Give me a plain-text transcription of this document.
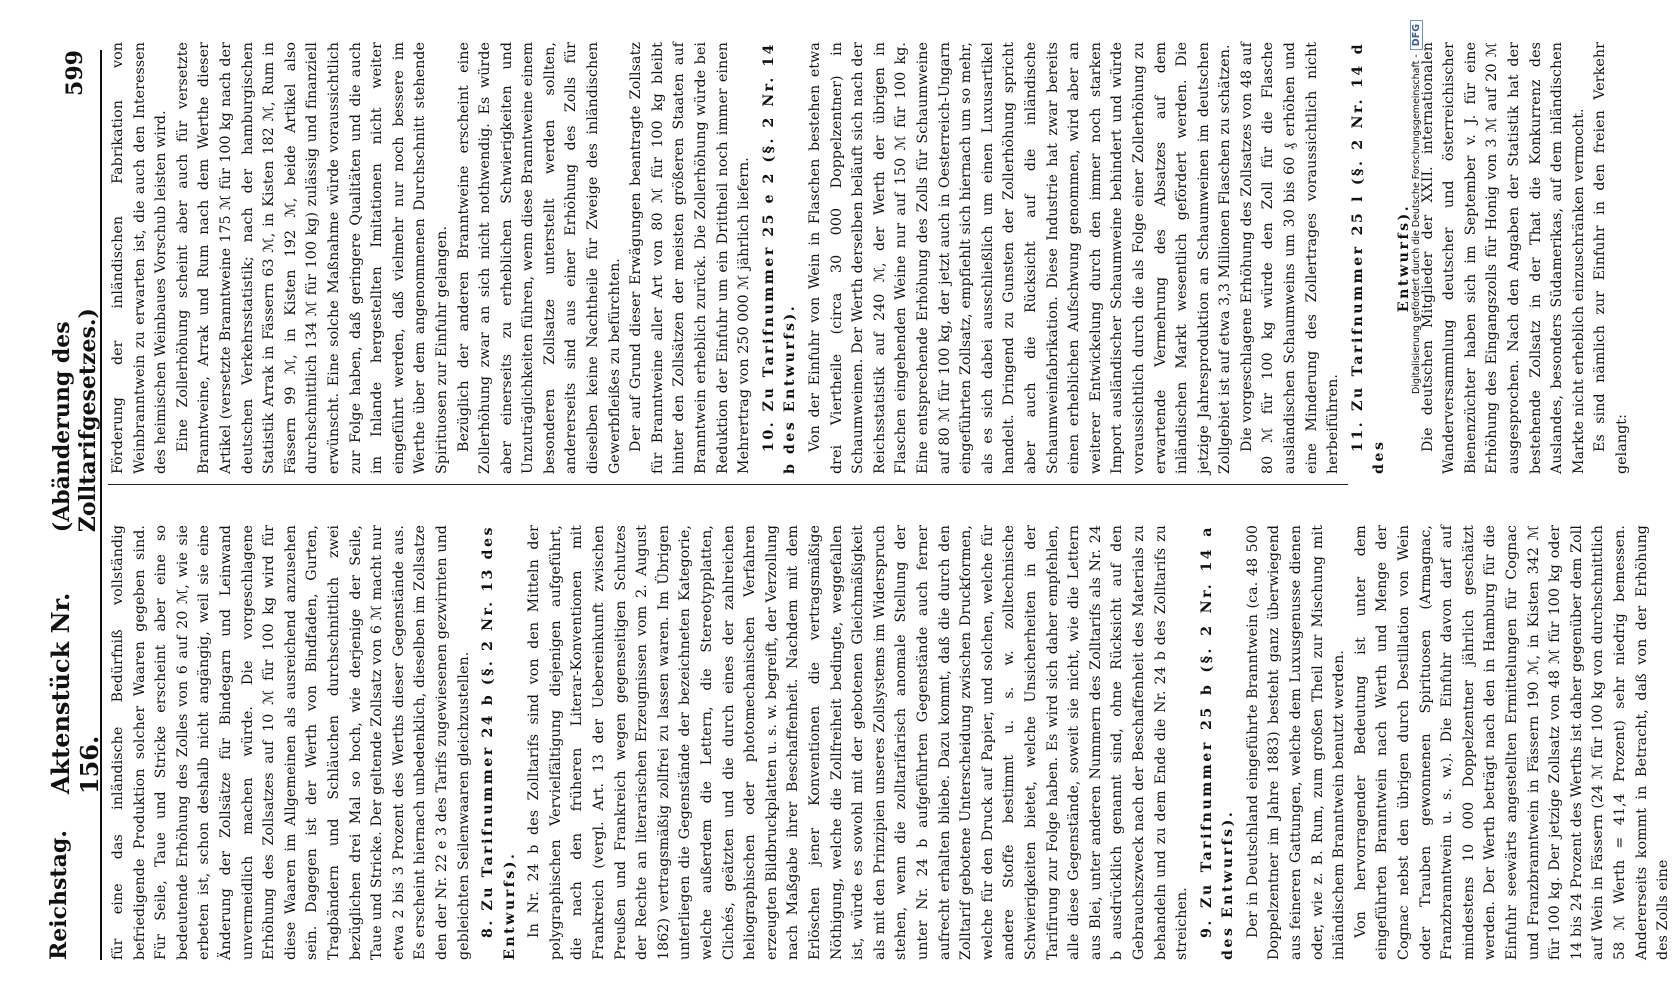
Reichstag.
Aktenstück Nr. 156.
(Abänderung des Zolltarifgesetzes.)
599

für eine das inländische Bedürfniß vollständig befriedigende Produktion solcher Waaren gegeben sind. Für Seile, Taue und Stricke erscheint aber eine so bedeutende Erhöhung des Zolles von 6 auf 20 ℳ, wie sie erbeten ist, schon deshalb nicht angängig, weil sie eine Änderung der Zollsätze für Bindegarn und Leinwand unvermeidlich machen würde. Die vorgeschlagene Erhöhung des Zollsatzes auf 10 ℳ für 100 kg wird für diese Waaren im Allgemeinen als ausreichend anzusehen sein. Dagegen ist der Werth von Bindfaden, Gurten, Tragbändern und Schläuchen durchschnittlich zwei bezüglichen drei Mal so hoch, wie derjenige der Seile, Taue und Stricke. Der geltende Zollsatz von 6 ℳ macht nur etwa 2 bis 3 Prozent des Werths dieser Gegenstände aus. Es erscheint hiernach unbedenklich, dieselben im Zollsatze den der Nr. 22 e 3 des Tarifs zugewiesenen gezwirnten und gebleichten Seilenwaaren gleichzustellen. 8. Zu Tarifnummer 24 b (§. 2 Nr. 13 des Entwurfs). In Nr. 24 b des Zolltarifs sind von den Mitteln der polygraphischen Vervielfältigung diejenigen aufgeführt, die nach den früheren Literar-Konventionen mit Frankreich (vergl. Art. 13 der Uebereinkunft zwischen Preußen und Frankreich wegen gegenseitigen Schutzes der Rechte an literarischen Erzeugnissen vom 2. August 1862) vertragsmäßig zollfrei zu lassen waren. Im Übrigen unterliegen die Gegenstände der bezeichneten Kategorie, welche außerdem die Lettern, die Stereotypplatten, Clichés, geätzten und die durch eines der zahlreichen heliographischen oder photomechanischen Verfahren erzeugten Bildbruckplatten u. s. w. begreift, der Verzollung nach Maßgabe ihrer Beschaffenheit. Nachdem mit dem Erlöschen jener Konventionen die vertragsmäßige Nöthigung, welche die Zollfreiheit bedingte, weggefallen ist, würde es sowohl mit der gebotenen Gleichmäßigkeit als mit den Prinzipien unseres Zollsystems im Widerspruch stehen, wenn die zolltarifarisch anomale Stellung der unter Nr. 24 b aufgeführten Gegenstände auch ferner aufrecht erhalten bliebe. Dazu kommt, daß die durch den Zolltarif gebotene Unterscheidung zwischen Druckformen, welche für den Druck auf Papier, und solchen, welche für andere Stoffe bestimmt u. s. w. zolltechnische Schwierigkeiten bietet, welche Unsicherheiten in der Tarifirung zur Folge haben. Es wird sich daher empfehlen, alle diese Gegenstände, soweit sie nicht, wie die Lettern aus Blei, unter anderen Nummern des Zolltarifs als Nr. 24 b ausdrücklich genannt sind, ohne Rücksicht auf den Gebrauchszweck nach der Beschaffenheit des Materials zu behandeln und zu dem Ende die Nr. 24 b des Zolltarifs zu streichen. 9. Zu Tarifnummer 25 b (§. 2 Nr. 14 a des Entwurfs). Der in Deutschland eingeführte Branntwein (ca. 48 500 Doppelzentner im Jahre 1883) besteht ganz überwiegend aus feineren Gattungen, welche dem Luxusgenusse dienen oder, wie z. B. Rum, zum großen Theil zur Mischung mit inländischem Branntwein benutzt werden. Von hervorragender Bedeutung ist unter dem eingeführten Branntwein nach Werth und Menge der Cognac nebst den übrigen durch Destillation von Wein oder Trauben gewonnenen Spirituosen (Armagnac, Franzbranntwein u. s. w.). Die Einfuhr davon darf auf mindestens 10 000 Doppelzentner jährlich geschätzt werden. Der Werth beträgt nach den in Hamburg für die Einfuhr seewärts angestellten Ermittelungen für Cognac und Franzbranntwein in Fässern 190 ℳ, in Kisten 342 ℳ für 100 kg. Der jetzige Zollsatz von 48 ℳ für 100 kg oder 14 bis 24 Prozent des Werths ist daher gegenüber dem Zoll auf Wein in Fässern (24 ℳ für 100 kg von durchschnittlich 58 ℳ Werth = 41,4 Prozent) sehr niedrig bemessen. Andererseits kommt in Betracht, daß von der Erhöhung des Zolls eine

Förderung der inländischen Fabrikation von Weinbranntwein zu erwarten ist, die auch den Interessen des heimischen Weinbaues Vorschub leisten wird. Eine Zollerhöhung scheint aber auch für versetzte Branntweine, Arrak und Rum nach dem Werthe dieser Artikel (versetzte Branntweine 175 ℳ für 100 kg nach der deutschen Verkehrsstatistik; nach der hamburgischen Statistik Arrak in Fässern 63 ℳ, in Kisten 182 ℳ, Rum in Fässern 99 ℳ, in Kisten 192 ℳ, beide Artikel also durchschnittlich 134 ℳ für 100 kg) zulässig und finanziell erwünscht. Eine solche Maßnahme würde voraussichtlich zur Folge haben, daß geringere Qualitäten und die auch im Inlande hergestellten Imitationen nicht weiter eingeführt werden, daß vielmehr nur noch bessere im Werthe über dem angenommenen Durchschnitt stehende Spirituosen zur Einfuhr gelangen. Bezüglich der anderen Branntweine erscheint eine Zollerhöhung zwar an sich nicht nothwendig. Es würde aber einerseits zu erheblichen Schwierigkeiten und Unzuträglichkeiten führen, wenn diese Branntweine einem besonderen Zollsatze unterstellt werden sollten, andererseits sind aus einer Erhöhung des Zolls für dieselben keine Nachtheile für Zweige des inländischen Gewerbfleißes zu befürchten. Der auf Grund dieser Erwägungen beantragte Zollsatz für Branntweine aller Art von 80 ℳ für 100 kg bleibt hinter den Zollsätzen der meisten größeren Staaten auf Branntwein erheblich zurück. Die Zollerhöhung würde bei Reduktion der Einfuhr um ein Drittheil noch immer einen Mehrertrag von 250 000 ℳ jährlich liefern. 10. Zu Tarifnummer 25 e 2 (§. 2 Nr. 14 b des Entwurfs). Von der Einfuhr von Wein in Flaschen bestehen etwa drei Viertheile (circa 30 000 Doppelzentner) in Schaumweinen. Der Werth derselben beläuft sich nach der Reichsstatistik auf 240 ℳ, der Werth der übrigen in Flaschen eingehenden Weine nur auf 150 ℳ für 100 kg. Eine entsprechende Erhöhung des Zolls für Schaumweine auf 80 ℳ für 100 kg, der jetzt auch in Oesterreich-Ungarn eingeführten Zollsatz, empfiehlt sich hiernach um so mehr, als es sich dabei ausschließlich um einen Luxusartikel handelt. Dringend zu Gunsten der Zollerhöhung spricht aber auch die Rücksicht auf die inländische Schaumweinfabrikation. Diese Industrie hat zwar bereits einen erheblichen Aufschwung genommen, wird aber an weiterer Entwickelung durch den immer noch starken Import ausländischer Schaumweine behindert und würde voraussichtlich durch die als Folge einer Zollerhöhung zu erwartende Vermehrung des Absatzes auf dem inländischen Markt wesentlich gefördert werden. Die jetzige Jahresproduktion an Schaumweinen im deutschen Zollgebiet ist auf etwa 3,3 Millionen Flaschen zu schätzen. Die vorgeschlagene Erhöhung des Zollsatzes von 48 auf 80 ℳ für 100 kg würde den Zoll für die Flasche ausländischen Schaumweins um 30 bis 60 ₰ erhöhen und eine Minderung des Zollertrages voraussichtlich nicht herbeiführen. 11. Zu Tarifnummer 25 l (§. 2 Nr. 14 d des

Entwurfs). Die deutschen Mitglieder der XXII. internationalen Wanderversammlung deutscher und österreichischer Bienenzüchter haben sich im September v. J. für eine Erhöhung des Eingangszolls für Honig von 3 ℳ auf 20 ℳ ausgesprochen. Nach den Angaben der Statistik hat der bestehende Zollsatz in der That die Konkurrenz des Auslandes, besonders Südamerikas, auf dem inländischen Markte nicht erheblich einzuschränken vermocht. Es sind nämlich zur Einfuhr in den freien Verkehr gelangt:

Digitalisierung gefördert durch die Deutsche Forschungsgemeinschaft -DFG
